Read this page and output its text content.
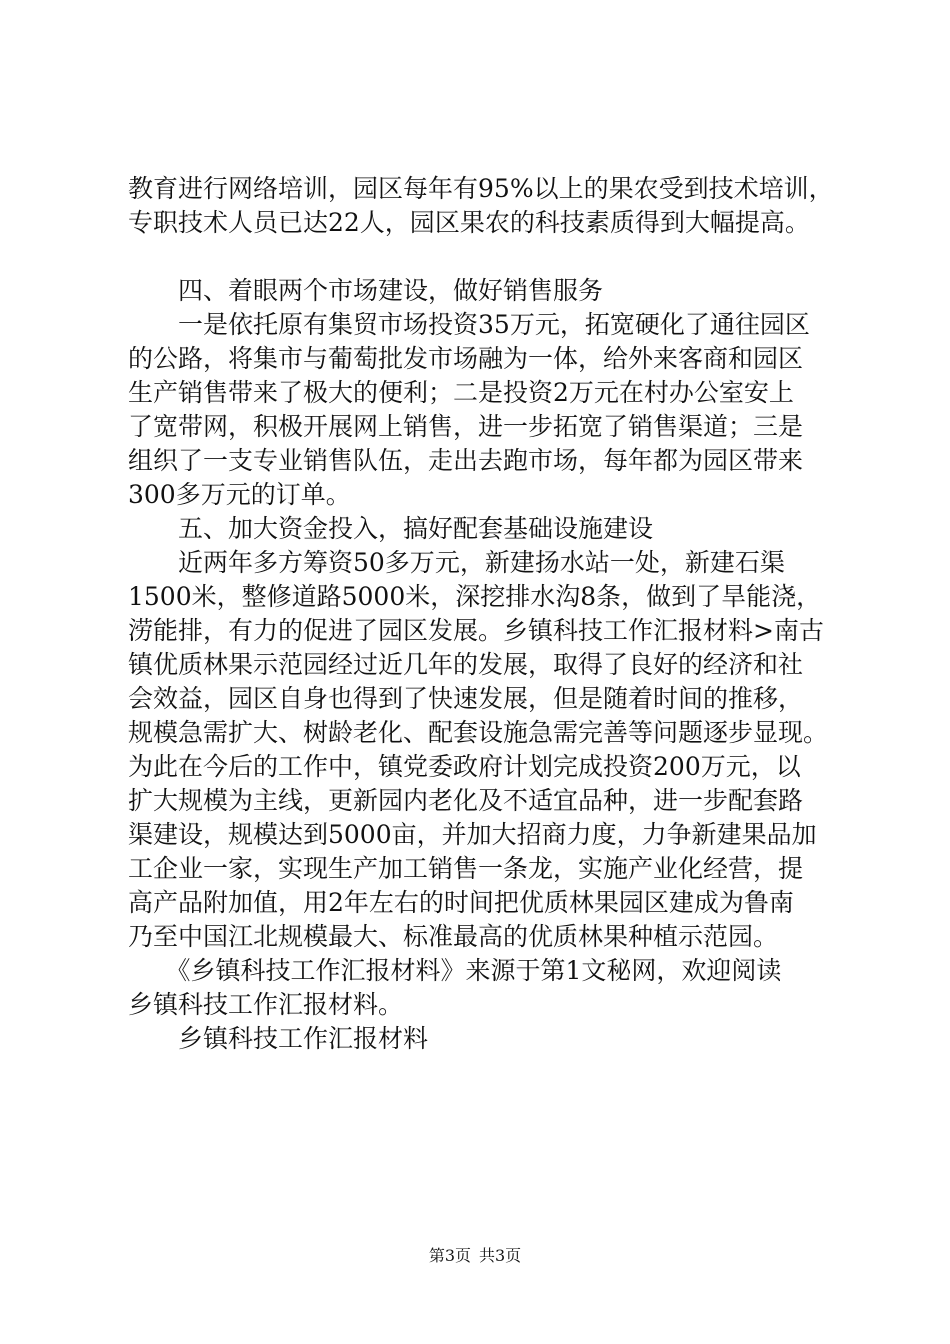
教育进行网络培训，园区每年有95%以上的果农受到技术培训，
专职技术人员已达22人，园区果农的科技素质得到大幅提高。
　　四、着眼两个市场建设，做好销售服务
　　一是依托原有集贸市场投资35万元，拓宽硬化了通往园区
的公路，将集市与葡萄批发市场融为一体，给外来客商和园区
生产销售带来了极大的便利；二是投资2万元在村办公室安上
了宽带网，积极开展网上销售，进一步拓宽了销售渠道；三是
组织了一支专业销售队伍，走出去跑市场，每年都为园区带来
300多万元的订单。
　　五、加大资金投入，搞好配套基础设施建设
　　近两年多方筹资50多万元，新建扬水站一处，新建石渠
1500米，整修道路5000米，深挖排水沟8条，做到了旱能浇，
涝能排，有力的促进了园区发展。乡镇科技工作汇报材料>南古
镇优质林果示范园经过近几年的发展，取得了良好的经济和社
会效益，园区自身也得到了快速发展，但是随着时间的推移，
规模急需扩大、树龄老化、配套设施急需完善等问题逐步显现。
为此在今后的工作中，镇党委政府计划完成投资200万元，以
扩大规模为主线，更新园内老化及不适宜品种，进一步配套路
渠建设，规模达到5000亩，并加大招商力度，力争新建果品加
工企业一家，实现生产加工销售一条龙，实施产业化经营，提
高产品附加值，用2年左右的时间把优质林果园区建成为鲁南
乃至中国江北规模最大、标准最高的优质林果种植示范园。
　　《乡镇科技工作汇报材料》来源于第1文秘网，欢迎阅读
乡镇科技工作汇报材料。
　　乡镇科技工作汇报材料
第3页 共3页
